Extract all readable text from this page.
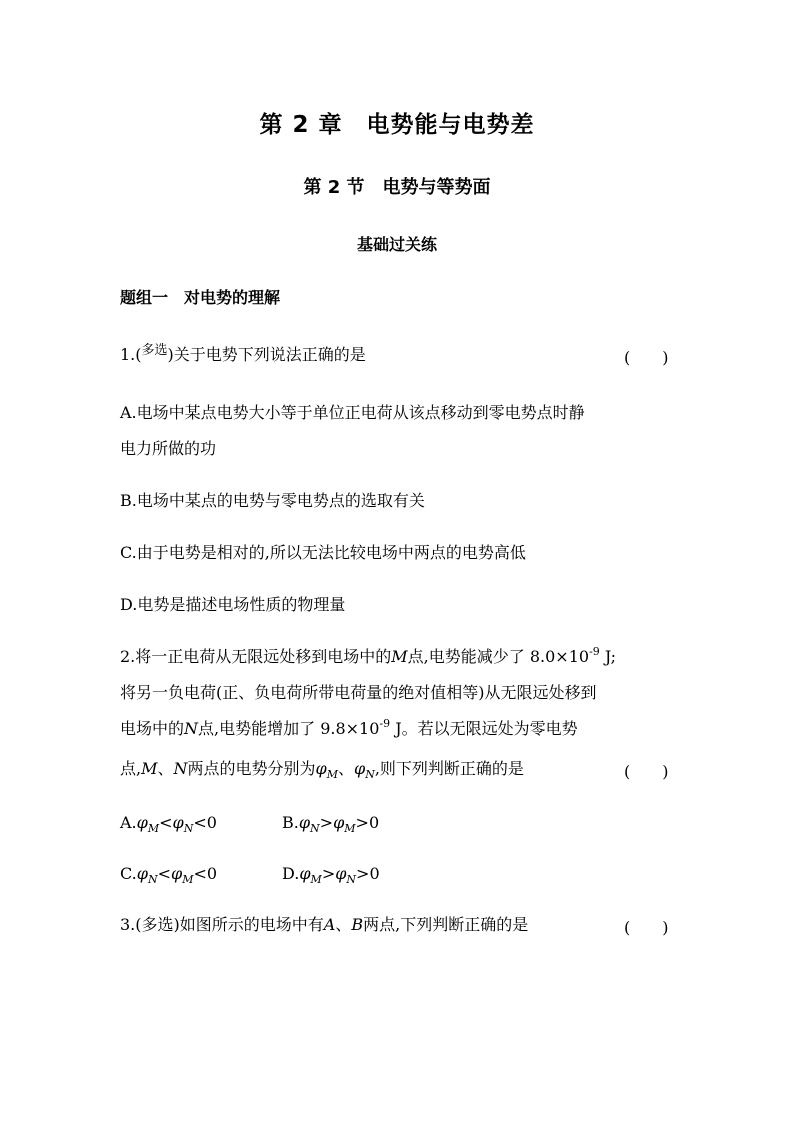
第 2 章　电势能与电势差
第 2 节　电势与等势面
基础过关练
题组一　对电势的理解
1.($^{多选}$)关于电势下列说法正确的是	(　　)
A.电场中某点电势大小等于单位正电荷从该点移动到零电势点时静
电力所做的功
B.电场中某点的电势与零电势点的选取有关
C.由于电势是相对的,所以无法比较电场中两点的电势高低
D.电势是描述电场性质的物理量
2.将一正电荷从无限远处移到电场中的M点,电势能减少了 $8.0\times 10^{-9}$ J;
将另一负电荷(正、负电荷所带电荷量的绝对值相等)从无限远处移到
电场中的N点,电势能增加了 $9.8\times 10^{-9}$ J。若以无限远处为零电势
点,M、N两点的电势分别为$\varphi_M$、$\varphi_N$,则下列判断正确的是	(　　)
$A.\varphi_M<\varphi_N<0$	$B.\varphi_N>\varphi_M>0$
$C.\varphi_N<\varphi_M<0$	$D.\varphi_M>\varphi_N>0$
3.(多选)如图所示的电场中有A、B两点,下列判断正确的是	(　　)
